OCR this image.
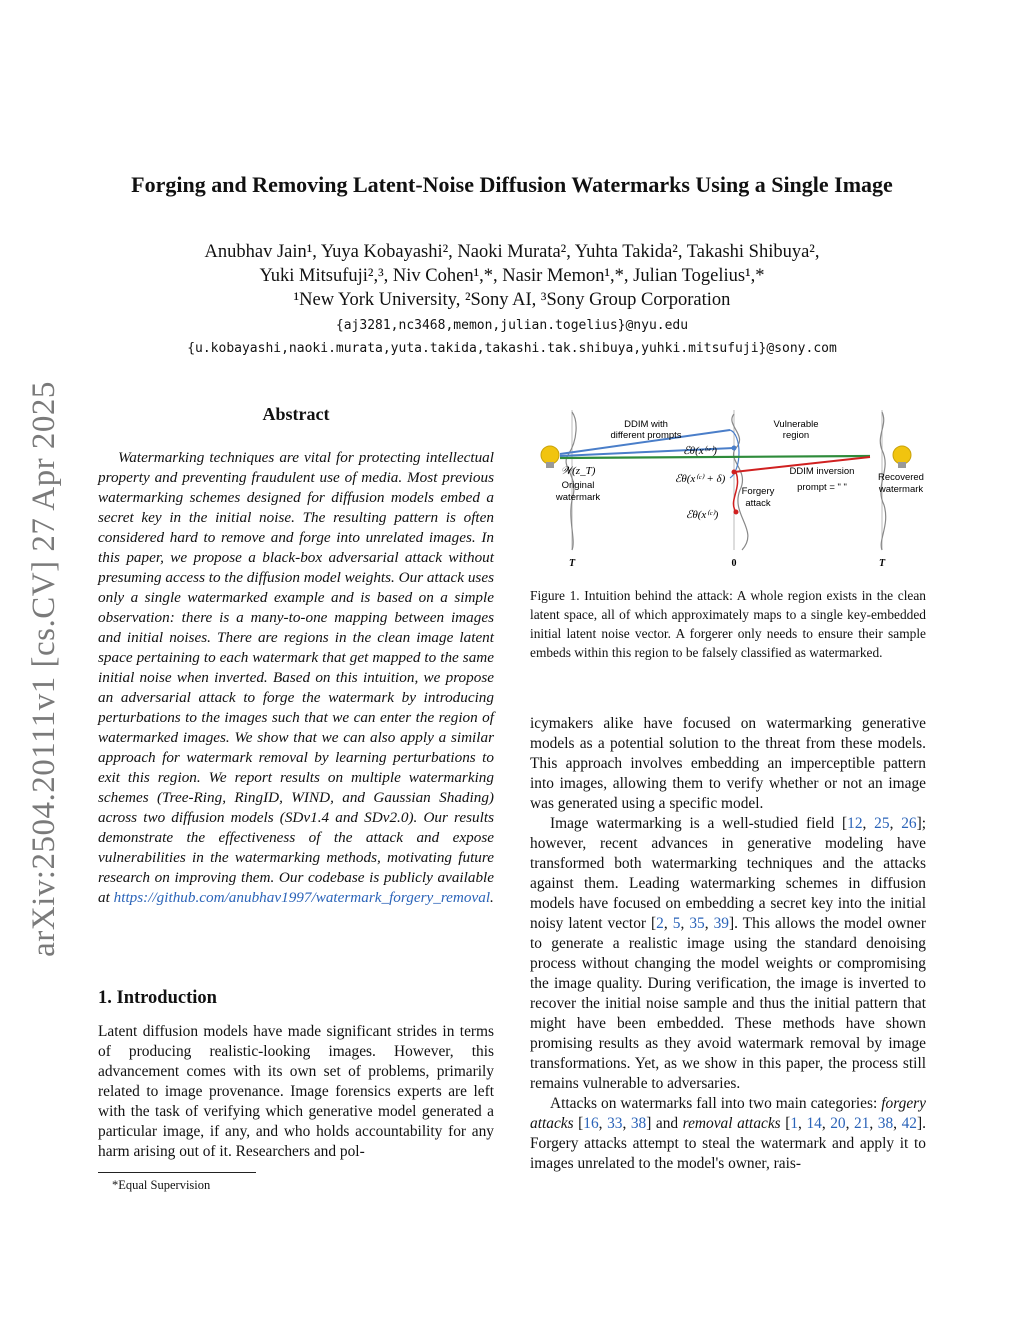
arXiv:2504.20111v1 [cs.CV] 27 Apr 2025
Forging and Removing Latent-Noise Diffusion Watermarks Using a Single Image
Anubhav Jain¹, Yuya Kobayashi², Naoki Murata², Yuhta Takida², Takashi Shibuya²,
Yuki Mitsufuji²,³, Niv Cohen¹,*, Nasir Memon¹,*, Julian Togelius¹,*
¹New York University, ²Sony AI, ³Sony Group Corporation
{aj3281,nc3468,memon,julian.togelius}@nyu.edu
{u.kobayashi,naoki.murata,yuta.takida,takashi.tak.shibuya,yuhki.mitsufuji}@sony.com
Abstract
Watermarking techniques are vital for protecting intellectual property and preventing fraudulent use of media. Most previous watermarking schemes designed for diffusion models embed a secret key in the initial noise. The resulting pattern is often considered hard to remove and forge into unrelated images. In this paper, we propose a black-box adversarial attack without presuming access to the diffusion model weights. Our attack uses only a single watermarked example and is based on a simple observation: there is a many-to-one mapping between images and initial noises. There are regions in the clean image latent space pertaining to each watermark that get mapped to the same initial noise when inverted. Based on this intuition, we propose an adversarial attack to forge the watermark by introducing perturbations to the images such that we can enter the region of watermarked images. We show that we can also apply a similar approach for watermark removal by learning perturbations to exit this region. We report results on multiple watermarking schemes (Tree-Ring, RingID, WIND, and Gaussian Shading) across two diffusion models (SDv1.4 and SDv2.0). Our results demonstrate the effectiveness of the attack and expose vulnerabilities in the watermarking methods, motivating future research on improving them. Our codebase is publicly available at https://github.com/anubhav1997/watermark_forgery_removal.
1. Introduction

Latent diffusion models have made significant strides in terms of producing realistic-looking images. However, this advancement comes with its own set of problems, primarily related to image provenance. Image forensics experts are left with the task of verifying which generative model generated a particular image, if any, and who holds accountability for any harm arising out of it. Researchers and pol-

*Equal Supervision
DDIM with
different prompts
Vulnerable
region
DDIM inversion
prompt = " "
Recovered
watermark
Original
watermark
Forgery
attack
𝒲(z_T)
ℰθ(x⁽ʷ⁾)
ℰθ(x⁽ᶜ⁾ + δ)
ℰθ(x⁽ᶜ⁾)
T	0	T
Figure 1. Intuition behind the attack: A whole region exists in the clean latent space, all of which approximately maps to a single key-embedded initial latent noise vector. A forgerer only needs to ensure their sample embeds within this region to be falsely classified as watermarked.

icymakers alike have focused on watermarking generative models as a potential solution to the threat from these models. This approach involves embedding an imperceptible pattern into images, allowing them to verify whether or not an image was generated using a specific model.

Image watermarking is a well-studied field [12, 25, 26]; however, recent advances in generative modeling have transformed both watermarking techniques and the attacks against them. Leading watermarking schemes in diffusion models have focused on embedding a secret key into the initial noisy latent vector [2, 5, 35, 39]. This allows the model owner to generate a realistic image using the standard denoising process without changing the model weights or compromising the image quality. During verification, the image is inverted to recover the initial noise sample and thus the initial pattern that might have been embedded. These methods have shown promising results as they avoid watermark removal by image transformations. Yet, as we show in this paper, the process still remains vulnerable to adversaries.

Attacks on watermarks fall into two main categories: forgery attacks [16, 33, 38] and removal attacks [1, 14, 20, 21, 38, 42]. Forgery attacks attempt to steal the watermark and apply it to images unrelated to the model's owner, rais-
